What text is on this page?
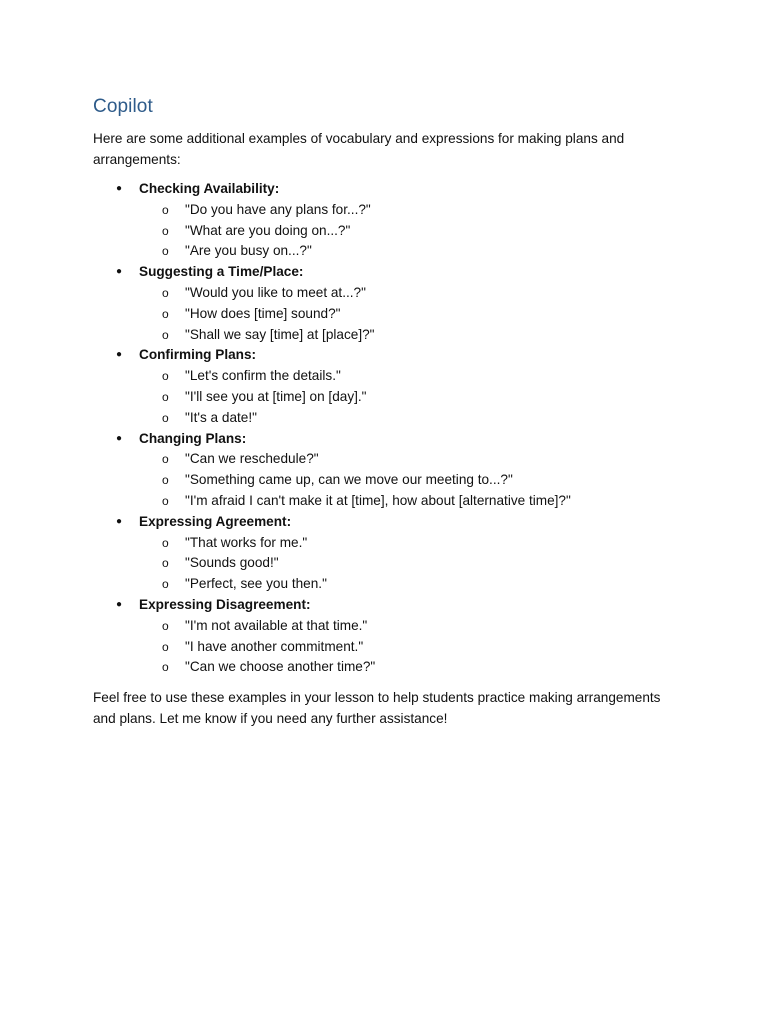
Copilot
Here are some additional examples of vocabulary and expressions for making plans and arrangements:
● Checking Availability:
o "Do you have any plans for...?"
o "What are you doing on...?"
o "Are you busy on...?"
● Suggesting a Time/Place:
o "Would you like to meet at...?"
o "How does [time] sound?"
o "Shall we say [time] at [place]?"
● Confirming Plans:
o "Let's confirm the details."
o "I'll see you at [time] on [day]."
o "It's a date!"
● Changing Plans:
o "Can we reschedule?"
o "Something came up, can we move our meeting to...?"
o "I'm afraid I can't make it at [time], how about [alternative time]?"
● Expressing Agreement:
o "That works for me."
o "Sounds good!"
o "Perfect, see you then."
● Expressing Disagreement:
o "I'm not available at that time."
o "I have another commitment."
o "Can we choose another time?"
Feel free to use these examples in your lesson to help students practice making arrangements and plans. Let me know if you need any further assistance!
